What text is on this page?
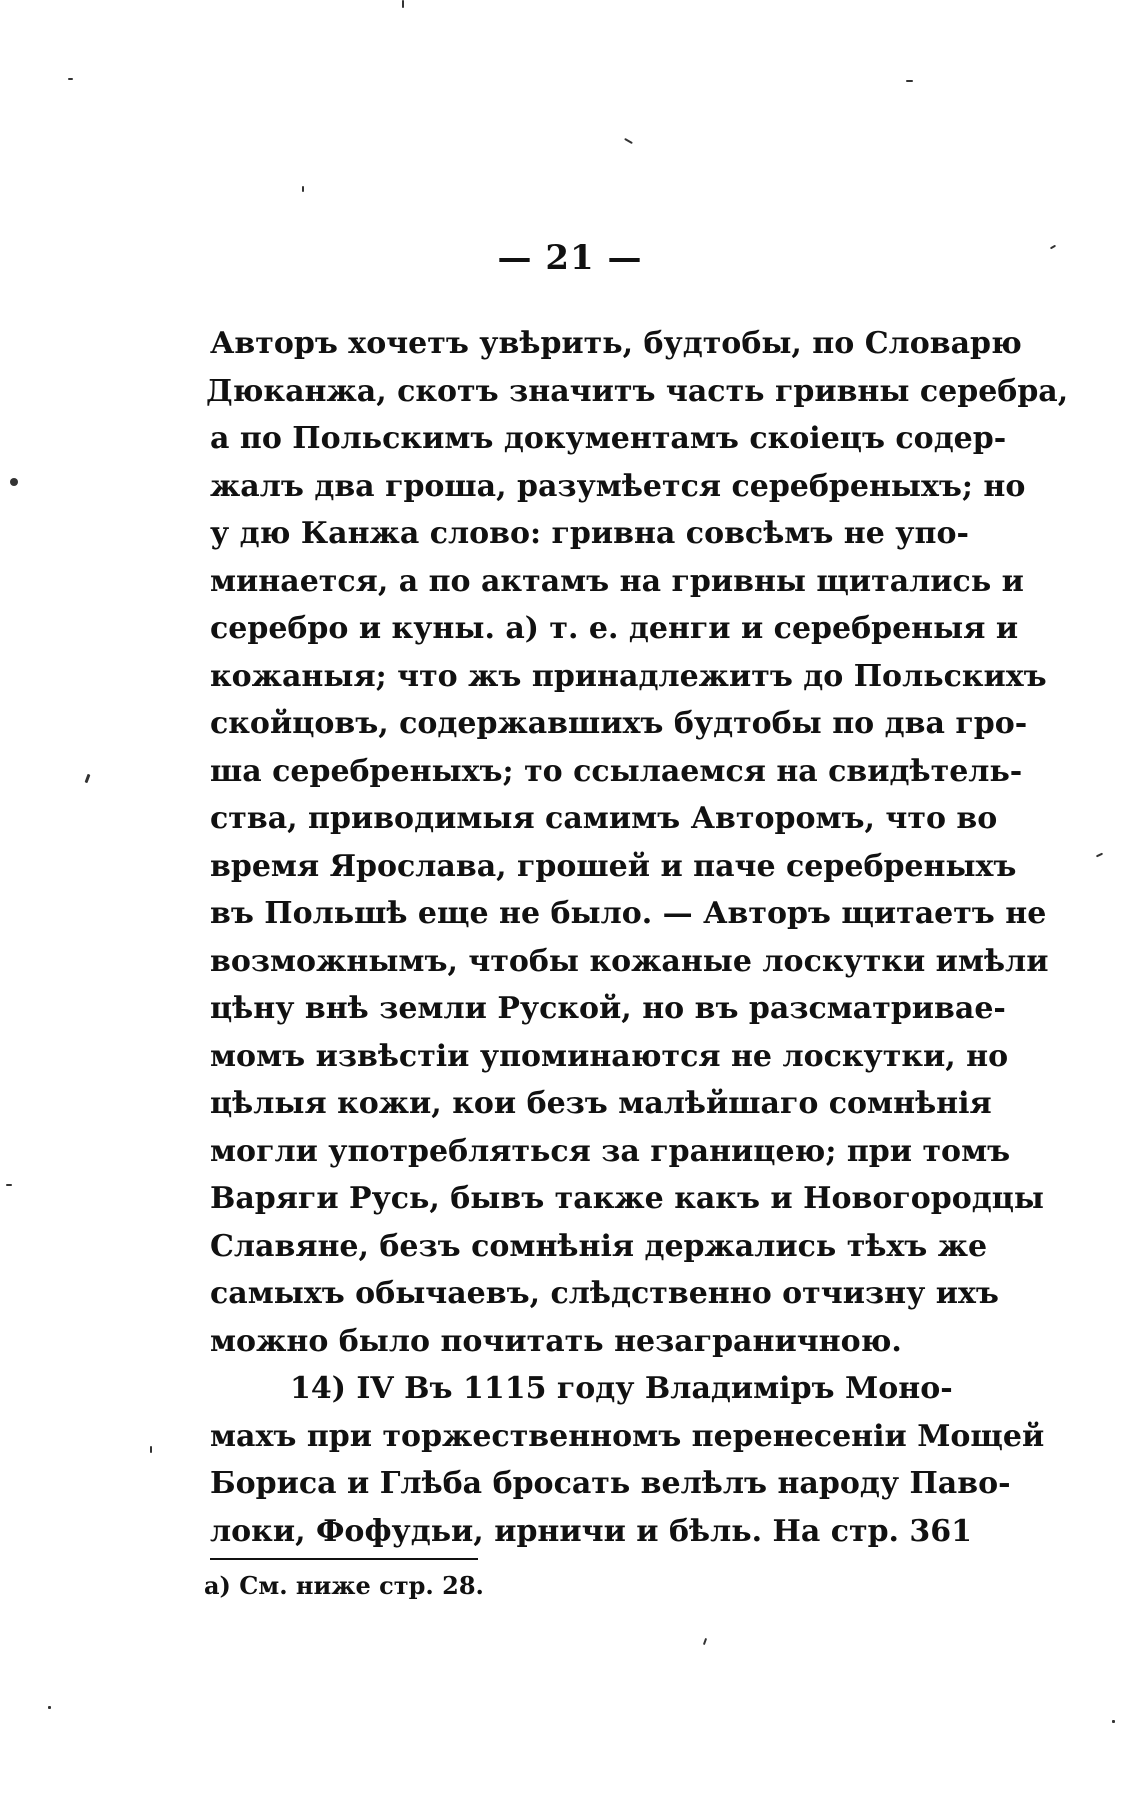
— 21 —
Авторъ хочетъ увѣрить, будтобы, по Словарю
Дюканжа, скотъ значитъ часть гривны серебра,
а по Польскимъ документамъ скоіецъ содер-
жалъ два гроша, разумѣется серебреныхъ; но
у дю Канжа слово: гривна совсѣмъ не упо-
минается, а по актамъ на гривны щитались и
серебро и куны. а) т. е. денги и серебреныя и
кожаныя; что жъ принадлежитъ до Польскихъ
скойцовъ, содержавшихъ будтобы по два гро-
ша серебреныхъ; то ссылаемся на свидѣтель-
ства, приводимыя самимъ Авторомъ, что во
время Ярослава, грошей и паче серебреныхъ
въ Польшѣ еще не было. — Авторъ щитаетъ не
возможнымъ, чтобы кожаные лоскутки имѣли
цѣну внѣ земли Руской, но въ разсматривае-
момъ извѣстіи упоминаются не лоскутки, но
цѣлыя кожи, кои безъ малѣйшаго сомнѣнія
могли употребляться за границею; при томъ
Варяги Русь, бывъ также какъ и Новогородцы
Славяне, безъ сомнѣнія держались тѣхъ же
самыхъ обычаевъ, слѣдственно отчизну ихъ
можно было почитать незаграничною.
14) IV Въ 1115 году Владиміръ Моно-
махъ при торжественномъ перенесеніи Мощей
Бориса и Глѣба бросать велѣлъ народу Паво-
локи, Фофудьи, ирничи и бѣль. На стр. 361
а) См. ниже стр. 28.
